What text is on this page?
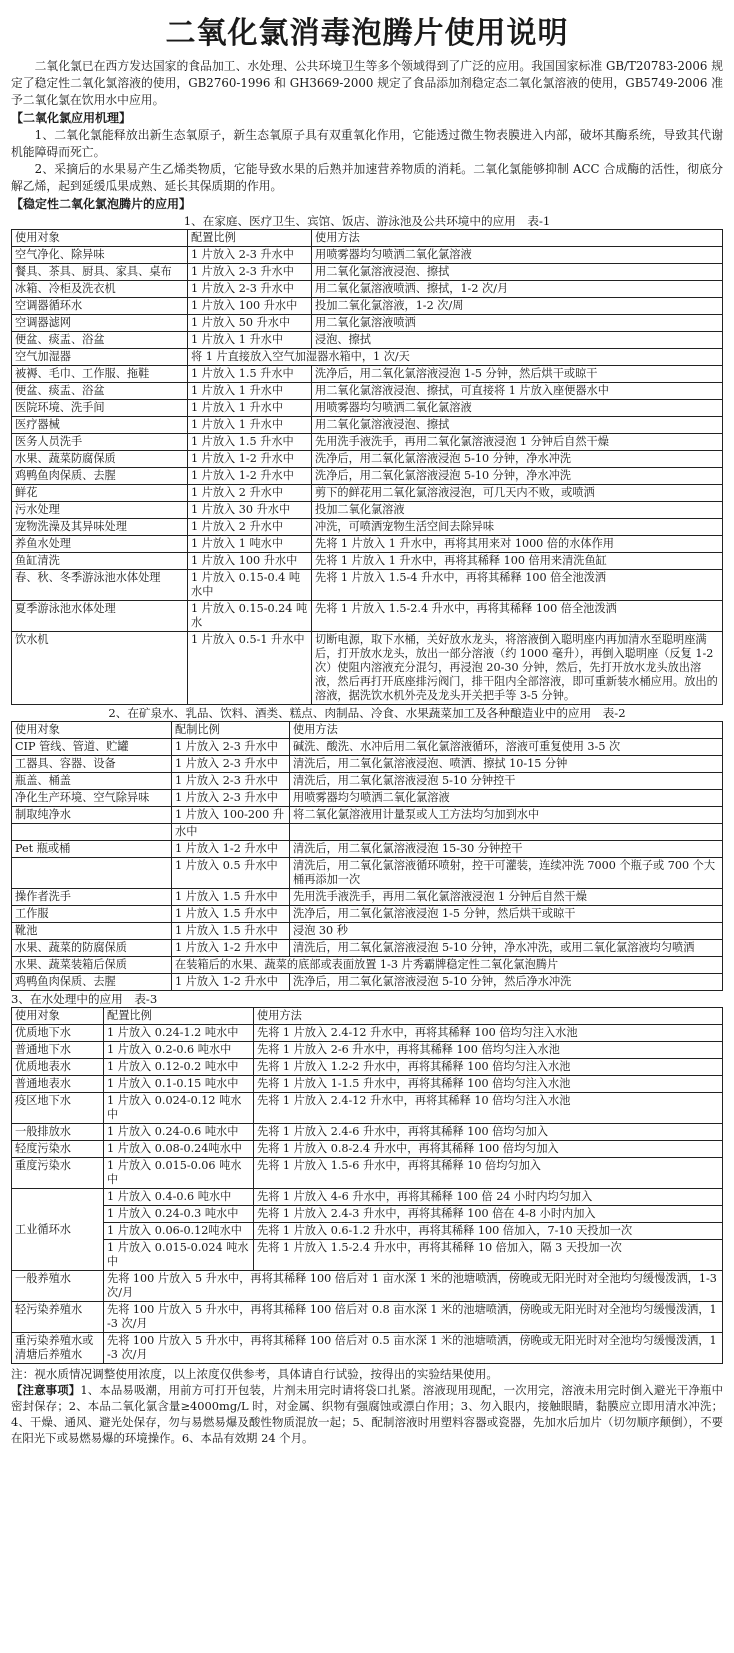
二氧化氯消毒泡腾片使用说明

二氧化氯已在西方发达国家的食品加工、水处理、公共环境卫生等多个领域得到了广泛的应用。我国国家标准 GB/T20783-2006 规定了稳定性二氧化氯溶液的使用，GB2760-1996 和 GH3669-2000 规定了食品添加剂稳定态二氧化氯溶液的使用，GB5749-2006 准予二氧化氯在饮用水中应用。

【二氧化氯应用机理】

1、二氧化氯能释放出新生态氧原子，新生态氧原子具有双重氧化作用，它能透过微生物表膜进入内部，破坏其酶系统，导致其代谢机能障碍而死亡。

2、采摘后的水果易产生乙烯类物质，它能导致水果的后熟并加速营养物质的消耗。二氧化氯能够抑制 ACC 合成酶的活性，彻底分解乙烯，起到延缓瓜果成熟、延长其保质期的作用。

【稳定性二氧化氯泡腾片的应用】

1、在家庭、医疗卫生、宾馆、饭店、游泳池及公共环境中的应用　表-1

使用对象	配置比例	使用方法
空气净化、除异味	1 片放入 2-3 升水中	用喷雾器均匀喷洒二氧化氯溶液
餐具、茶具、厨具、家具、桌布	1 片放入 2-3 升水中	用二氧化氯溶液浸泡、擦拭
冰箱、冷柜及洗衣机	1 片放入 2-3 升水中	用二氧化氯溶液喷洒、擦拭，1-2 次/月
空调器循环水	1 片放入 100 升水中	投加二氧化氯溶液，1-2 次/周
空调器滤网	1 片放入 50 升水中	用二氧化氯溶液喷洒
便盆、痰盂、浴盆	1 片放入 1 升水中	浸泡、擦拭
空气加湿器	将 1 片直接放入空气加湿器水箱中，1 次/天	
被褥、毛巾、工作服、拖鞋	1 片放入 1.5 升水中	洗净后，用二氧化氯溶液浸泡 1-5 分钟，然后烘干或晾干
便盆、痰盂、浴盆	1 片放入 1 升水中	用二氧化氯溶液浸泡、擦拭，可直接将 1 片放入座便器水中
医院环境、洗手间	1 片放入 1 升水中	用喷雾器均匀喷洒二氧化氯溶液
医疗器械	1 片放入 1 升水中	用二氧化氯溶液浸泡、擦拭
医务人员洗手	1 片放入 1.5 升水中	先用洗手液洗手，再用二氧化氯溶液浸泡 1 分钟后自然干燥
水果、蔬菜防腐保质	1 片放入 1-2 升水中	洗净后，用二氧化氯溶液浸泡 5-10 分钟，净水冲洗
鸡鸭鱼肉保质、去腥	1 片放入 1-2 升水中	洗净后，用二氧化氯溶液浸泡 5-10 分钟，净水冲洗
鲜花	1 片放入 2 升水中	剪下的鲜花用二氧化氯溶液浸泡，可几天内不败，或喷洒
污水处理	1 片放入 30 升水中	投加二氧化氯溶液
宠物洗澡及其异味处理	1 片放入 2 升水中	冲洗，可喷洒宠物生活空间去除异味
养鱼水处理	1 片放入 1 吨水中	先将 1 片放入 1 升水中，再将其用来对 1000 倍的水体作用
鱼缸清洗	1 片放入 100 升水中	先将 1 片放入 1 升水中，再将其稀释 100 倍用来清洗鱼缸
春、秋、冬季游泳池水体处理	1 片放入 0.15-0.4 吨水中	先将 1 片放入 1.5-4 升水中，再将其稀释 100 倍全池泼洒
夏季游泳池水体处理	1 片放入 0.15-0.24 吨水	先将 1 片放入 1.5-2.4 升水中，再将其稀释 100 倍全池泼洒
饮水机	1 片放入 0.5-1 升水中	切断电源，取下水桶，关好放水龙头，将溶液倒入聪明座内再加清水至聪明座满后，打开放水龙头，放出一部分溶液（约 1000 毫升），再倒入聪明座（反复 1-2 次）使阻内溶液充分混匀，再浸泡 20-30 分钟，然后，先打开放水龙头放出溶液，然后再打开底座排污阀门，排干阻内全部溶液，即可重新装水桶应用。放出的溶液，据洗饮水机外壳及龙头开关把手等 3-5 分钟。

2、在矿泉水、乳品、饮料、酒类、糕点、肉制品、冷食、水果蔬菜加工及各种酿造业中的应用　表-2

使用对象	配制比例	使用方法
CIP 管线、管道、贮罐	1 片放入 2-3 升水中	碱洗、酸洗、水冲后用二氧化氯溶液循环，溶液可重复使用 3-5 次
工器具、容器、设备	1 片放入 2-3 升水中	清洗后，用二氧化氯溶液浸泡、喷洒、擦拭 10-15 分钟
瓶盖、桶盖	1 片放入 2-3 升水中	清洗后，用二氧化氯溶液浸泡 5-10 分钟控干
净化生产环境、空气除异味	1 片放入 2-3 升水中	用喷雾器均匀喷洒二氧化氯溶液
制取纯净水	1 片放入 100-200 升	将二氧化氯溶液用计量泵或人工方法均匀加到水中
	水中	
Pet 瓶或桶	1 片放入 1-2 升水中	清洗后，用二氧化氯溶液浸泡 15-30 分钟控干
	1 片放入 0.5 升水中	清洗后，用二氧化氯溶液循环喷射，控干可灌装，连续冲洗 7000 个瓶子或 700 个大桶再添加一次
操作者洗手	1 片放入 1.5 升水中	先用洗手液洗手，再用二氧化氯溶液浸泡 1 分钟后自然干燥
工作服	1 片放入 1.5 升水中	洗净后，用二氧化氯溶液浸泡 1-5 分钟，然后烘干或晾干
靴池	1 片放入 1.5 升水中	浸泡 30 秒
水果、蔬菜的防腐保质	1 片放入 1-2 升水中	清洗后，用二氧化氯溶液浸泡 5-10 分钟，净水冲洗，或用二氧化氯溶液均匀喷洒
水果、蔬菜装箱后保质	在装箱后的水果、蔬菜的底部或表面放置 1-3 片秀霸牌稳定性二氧化氯泡腾片	
鸡鸭鱼肉保质、去腥	1 片放入 1-2 升水中	洗净后，用二氧化氯溶液浸泡 5-10 分钟，然后净水冲洗

3、在水处理中的应用　表-3

使用对象	配置比例	使用方法
优质地下水	1 片放入 0.24-1.2 吨水中	先将 1 片放入 2.4-12 升水中，再将其稀释 100 倍均匀注入水池
普通地下水	1 片放入 0.2-0.6 吨水中	先将 1 片放入 2-6 升水中，再将其稀释 100 倍均匀注入水池
优质地表水	1 片放入 0.12-0.2 吨水中	先将 1 片放入 1.2-2 升水中，再将其稀释 100 倍均匀注入水池
普通地表水	1 片放入 0.1-0.15 吨水中	先将 1 片放入 1-1.5 升水中，再将其稀释 100 倍均匀注入水池
疫区地下水	1 片放入 0.024-0.12 吨水中	先将 1 片放入 2.4-12 升水中，再将其稀释 10 倍均匀注入水池
一般排放水	1 片放入 0.24-0.6 吨水中	先将 1 片放入 2.4-6 升水中，再将其稀释 100 倍均匀加入
轻度污染水	1 片放入 0.08-0.24吨水中	先将 1 片放入 0.8-2.4 升水中，再将其稀释 100 倍均匀加入
重度污染水	1 片放入 0.015-0.06 吨水中	先将 1 片放入 1.5-6 升水中，再将其稀释 10 倍均匀加入
工业循环水	1 片放入 0.4-0.6 吨水中	先将 1 片放入 4-6 升水中，再将其稀释 100 倍 24 小时内均匀加入
	1 片放入 0.24-0.3 吨水中	先将 1 片放入 2.4-3 升水中，再将其稀释 100 倍在 4-8 小时内加入
	1 片放入 0.06-0.12吨水中	先将 1 片放入 0.6-1.2 升水中，再将其稀释 100 倍加入，7-10 天投加一次
	1 片放入 0.015-0.024 吨水中	先将 1 片放入 1.5-2.4 升水中，再将其稀释 10 倍加入，隔 3 天投加一次
一般养殖水	先将 100 片放入 5 升水中，再将其稀释 100 倍后对 1 亩水深 1 米的池塘喷洒，傍晚或无阳光时对全池均匀缓慢泼洒，1-3 次/月	
轻污染养殖水	先将 100 片放入 5 升水中，再将其稀释 100 倍后对 0.8 亩水深 1 米的池塘喷洒，傍晚或无阳光时对全池均匀缓慢泼洒，1-3 次/月	
重污染养殖水或清塘后养殖水	先将 100 片放入 5 升水中，再将其稀释 100 倍后对 0.5 亩水深 1 米的池塘喷洒，傍晚或无阳光时对全池均匀缓慢泼洒，1-3 次/月	

注：视水质情况调整使用浓度，以上浓度仅供参考，具体请自行试验，按得出的实验结果使用。

【注意事项】1、本品易吸潮，用前方可打开包装，片剂未用完时请将袋口扎紧。溶液现用现配，一次用完，溶液未用完时倒入避光干净瓶中密封保存；2、本品二氧化氯含量≥4000mg/L 时，对金属、织物有强腐蚀或漂白作用；3、勿入眼内，接触眼睛，黏膜应立即用清水冲洗；4、干燥、通风、避光处保存，勿与易燃易爆及酸性物质混放一起；5、配制溶液时用塑料容器或瓷器，先加水后加片（切勿顺序颠倒），不要在阳光下或易燃易爆的环境操作。6、本品有效期 24 个月。
